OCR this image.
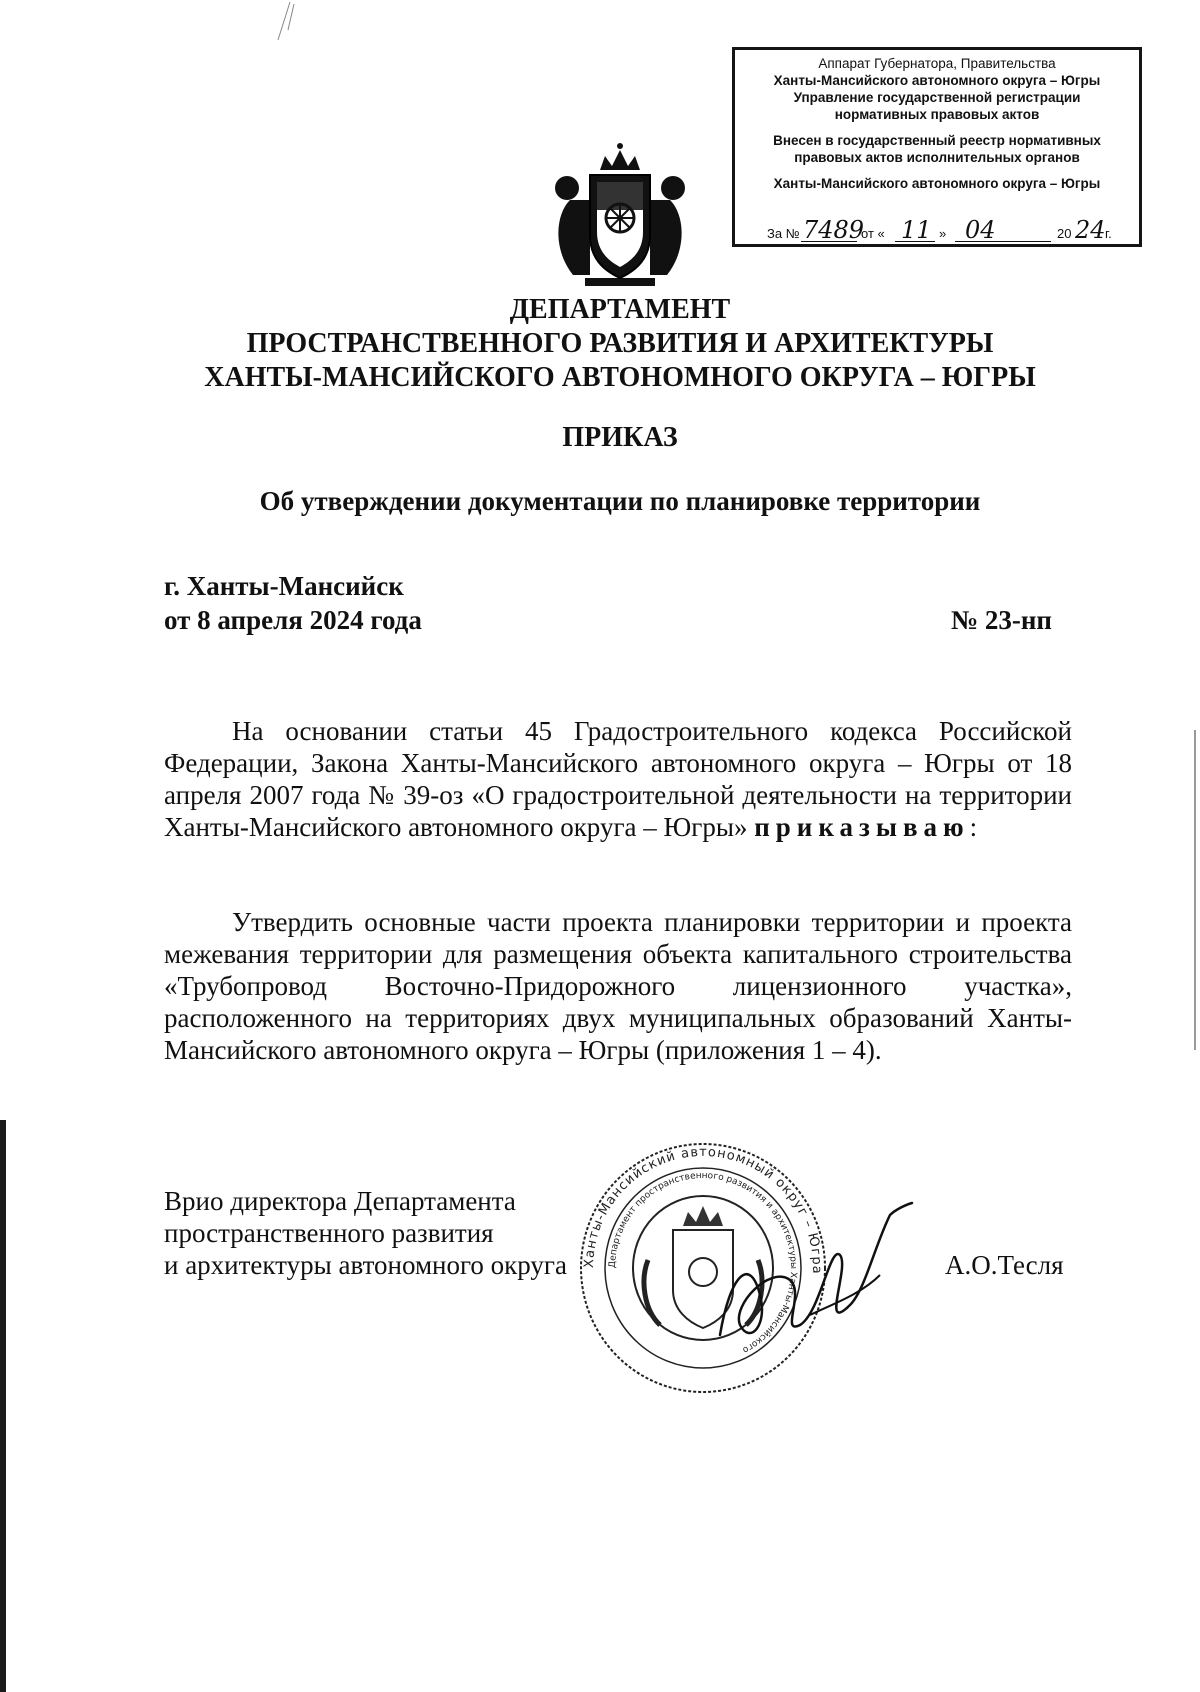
Аппарат Губернатора, Правительства
Ханты-Мансийского автономного округа – Югры
Управление государственной регистрации
нормативных правовых актов
Внесен в государственный реестр нормативных
правовых актов исполнительных органов
Ханты-Мансийского автономного округа – Югры
За № 7489
от « 11 » 04	20 24 г.
ДЕПАРТАМЕНТ
ПРОСТРАНСТВЕННОГО РАЗВИТИЯ И АРХИТЕКТУРЫ
ХАНТЫ-МАНСИЙСКОГО АВТОНОМНОГО ОКРУГА – ЮГРЫ
ПРИКАЗ
Об утверждении документации по планировке территории
г. Ханты-Мансийск
от 8 апреля 2024 года	№ 23-нп
На основании статьи 45 Градостроительного кодекса Российской Федерации, Закона Ханты-Мансийского автономного округа – Югры от 18 апреля 2007 года № 39-оз «О градостроительной деятельности на территории Ханты-Мансийского автономного округа – Югры» приказываю:
Утвердить основные части проекта планировки территории и проекта межевания территории для размещения объекта капитального строительства «Трубопровод Восточно-Придорожного лицензионного участка», расположенного на территориях двух муниципальных образований Ханты-Мансийского автономного округа – Югры (приложения 1 – 4).
Врио директора Департамента
пространственного развития
и архитектуры автономного округа Ханты-Мансийский автономный округ – Югра
Департамент пространственного развития и архитектуры Ханты-Мансийского
А.О.Тесля
